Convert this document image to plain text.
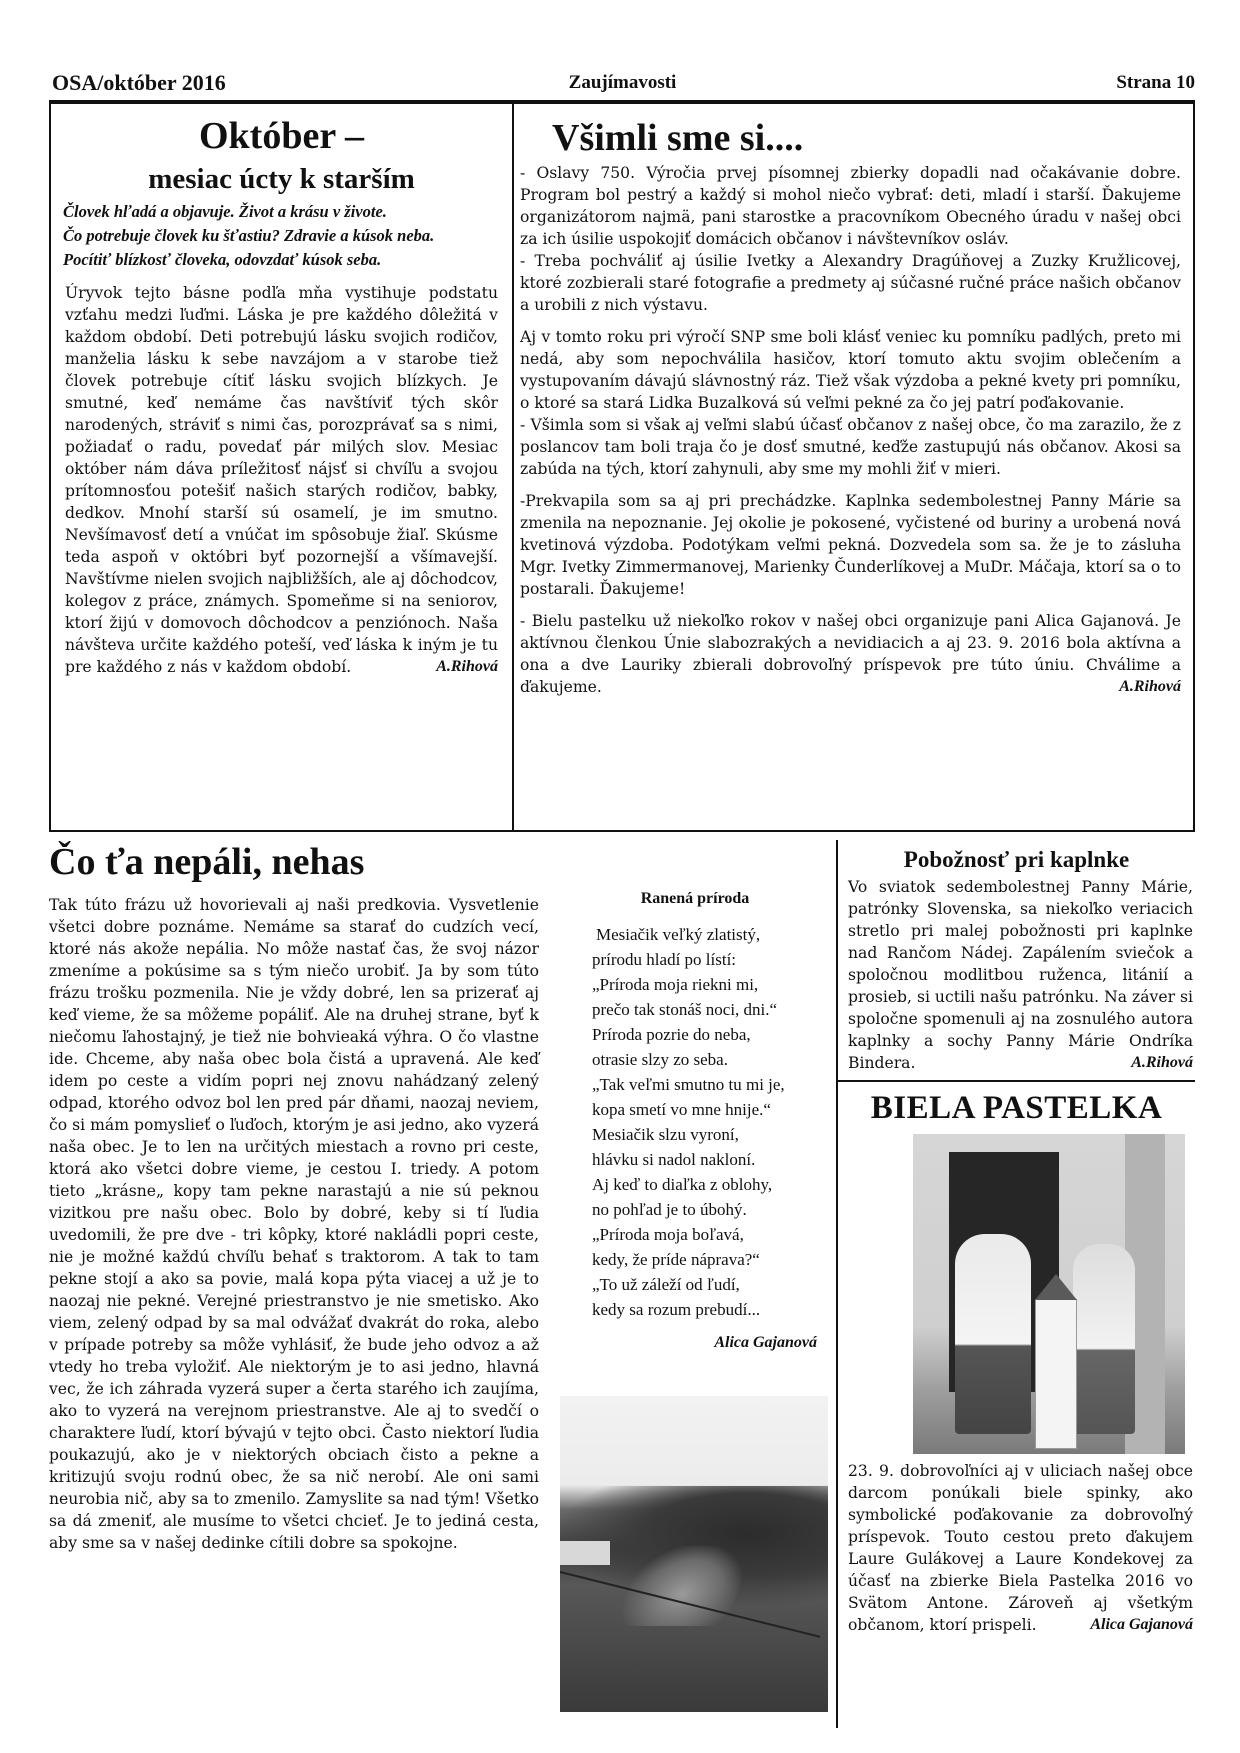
OSA/október 2016	Zaujímavosti	Strana 10
Október –
mesiac úcty k starším
Človek hľadá a objavuje. Život a krásu v živote.
Čo potrebuje človek ku šťastiu? Zdravie a kúsok neba.
Pocítiť blízkosť človeka, odovzdať kúsok seba.
Úryvok tejto básne podľa mňa vystihuje podstatu vzťahu medzi ľuďmi. Láska je pre každého dôležitá v každom období. Deti potrebujú lásku svojich rodičov, manželia lásku k sebe navzájom a v starobe tiež človek potrebuje cítiť lásku svojich blízkych. Je smutné, keď nemáme čas navštíviť tých skôr narodených, stráviť s nimi čas, porozprávať sa s nimi, požiadať o radu, povedať pár milých slov. Mesiac október nám dáva príležitosť nájsť si chvíľu a svojou prítomnosťou potešiť našich starých rodičov, babky, dedkov. Mnohí starší sú osamelí, je im smutno. Nevšímavosť detí a vnúčat im spôsobuje žiaľ. Skúsme teda aspoň v októbri byť pozornejší a všímavejší. Navštívme nielen svojich najbližších, ale aj dôchodcov, kolegov z práce, známych. Spomeňme si na seniorov, ktorí žijú v domovoch dôchodcov a penziónoch. Naša návšteva určite každého poteší, veď láska k iným je tu pre každého z nás v každom období.	A.Rihová
Všimli sme si....

- Oslavy 750. Výročia prvej písomnej zbierky dopadli nad očakávanie dobre. Program bol pestrý a každý si mohol niečo vybrať: deti, mladí i starší. Ďakujeme organizátorom najmä, pani starostke a pracovníkom Obecného úradu v našej obci za ich úsilie uspokojiť domácich občanov i návštevníkov osláv.

- Treba pochváliť aj úsilie Ivetky a Alexandry Dragúňovej a Zuzky Kružlicovej, ktoré zozbierali staré fotografie a predmety aj súčasné ručné práce našich občanov a urobili z nich výstavu.

Aj v tomto roku pri výročí SNP sme boli klásť veniec ku pomníku padlých, preto mi nedá, aby som nepochválila hasičov, ktorí tomuto aktu svojim oblečením a vystupovaním dávajú slávnostný ráz. Tiež však výzdoba a pekné kvety pri pomníku, o ktoré sa stará Lidka Buzalková sú veľmi pekné za čo jej patrí poďakovanie.

- Všimla som si však aj veľmi slabú účasť občanov z našej obce, čo ma zarazilo, že z poslancov tam boli traja čo je dosť smutné, keďže zastupujú nás občanov. Akosi sa zabúda na tých, ktorí zahynuli, aby sme my mohli žiť v mieri.

-Prekvapila som sa aj pri prechádzke. Kaplnka sedembolestnej Panny Márie sa zmenila na nepoznanie. Jej okolie je pokosené, vyčistené od buriny a urobená nová kvetinová výzdoba. Podotýkam veľmi pekná. Dozvedela som sa. že je to zásluha Mgr. Ivetky Zimmermanovej, Marienky Čunderlíkovej a MuDr. Máčaja, ktorí sa o to postarali. Ďakujeme!

- Bielu pastelku už niekoľko rokov v našej obci organizuje pani Alica Gajanová. Je aktívnou členkou Únie slabozrakých a nevidiacich a aj 23. 9. 2016 bola aktívna a ona a dve Lauriky zbierali dobrovoľný príspevok pre túto úniu. Chválime a ďakujeme.	A.Rihová

Čo ťa nepáli, nehas
Tak túto frázu už hovorievali aj naši predkovia. Vysvetlenie všetci dobre poznáme. Nemáme sa starať do cudzích vecí, ktoré nás akože nepália. No môže nastať čas, že svoj názor zmeníme a pokúsime sa s tým niečo urobiť. Ja by som túto frázu trošku pozmenila. Nie je vždy dobré, len sa prizerať aj keď vieme, že sa môžeme popáliť. Ale na druhej strane, byť k niečomu ľahostajný, je tiež nie bohvieaká výhra. O čo vlastne ide. Chceme, aby naša obec bola čistá a upravená. Ale keď idem po ceste a vidím popri nej znovu nahádzaný zelený odpad, ktorého odvoz bol len pred pár dňami, naozaj neviem, čo si mám pomyslieť o ľuďoch, ktorým je asi jedno, ako vyzerá naša obec. Je to len na určitých miestach a rovno pri ceste, ktorá ako všetci dobre vieme, je cestou I. triedy. A potom tieto „krásne„ kopy tam pekne narastajú a nie sú peknou vizitkou pre našu obec. Bolo by dobré, keby si tí ľudia uvedomili, že pre dve - tri kôpky, ktoré nakládli popri ceste, nie je možné každú chvíľu behať s traktorom. A tak to tam pekne stojí a ako sa povie, malá kopa pýta viacej a už je to naozaj nie pekné. Verejné priestranstvo je nie smetisko. Ako viem, zelený odpad by sa mal odvážať dvakrát do roka, alebo v prípade potreby sa môže vyhlásiť, že bude jeho odvoz a až vtedy ho treba vyložiť. Ale niektorým je to asi jedno, hlavná vec, že ich záhrada vyzerá super a čerta starého ich zaujíma, ako to vyzerá na verejnom priestranstve. Ale aj to svedčí o charaktere ľudí, ktorí bývajú v tejto obci. Často niektorí ľudia poukazujú, ako je v niektorých obciach čisto a pekne a kritizujú svoju rodnú obec, že sa nič nerobí. Ale oni sami neurobia nič, aby sa to zmenilo. Zamyslite sa nad tým! Všetko sa dá zmeniť, ale musíme to všetci chcieť. Je to jediná cesta, aby sme sa v našej dedinke cítili dobre sa spokojne.
Ranená príroda
Mesiačik veľký zlatistý,
prírodu hladí po lístí:
„Príroda moja riekni mi,
prečo tak stonáš noci, dni.“
Príroda pozrie do neba,
otrasie slzy zo seba.
„Tak veľmi smutno tu mi je,
kopa smetí vo mne hnije.“
Mesiačik slzu vyroní,
hlávku si nadol nakloní.
Aj keď to diaľka z oblohy,
no pohľad je to úbohý.
„Príroda moja boľavá,
kedy, že príde náprava?“
„To už záleží od ľudí,
kedy sa rozum prebudí...
Alica Gajanová
Pobožnosť pri kaplnke
Vo sviatok sedembolestnej Panny Márie, patrónky Slovenska, sa niekoľko veriacich stretlo pri malej pobožnosti pri kaplnke nad Rančom Nádej. Zapálením sviečok a spoločnou modlitbou ruženca, litánií a prosieb, si uctili našu patrónku. Na záver si spoločne spomenuli aj na zosnulého autora kaplnky a sochy Panny Márie Ondríka Bindera.	A.Rihová
BIELA PASTELKA
23. 9. dobrovoľníci aj v uliciach našej obce darcom ponúkali biele spinky, ako symbolické poďakovanie za dobrovoľný príspevok. Touto cestou preto ďakujem Laure Gulákovej a Laure Kondekovej za účasť na zbierke Biela Pastelka 2016 vo Svätom Antone. Zároveň aj všetkým občanom, ktorí prispeli.	Alica Gajanová
